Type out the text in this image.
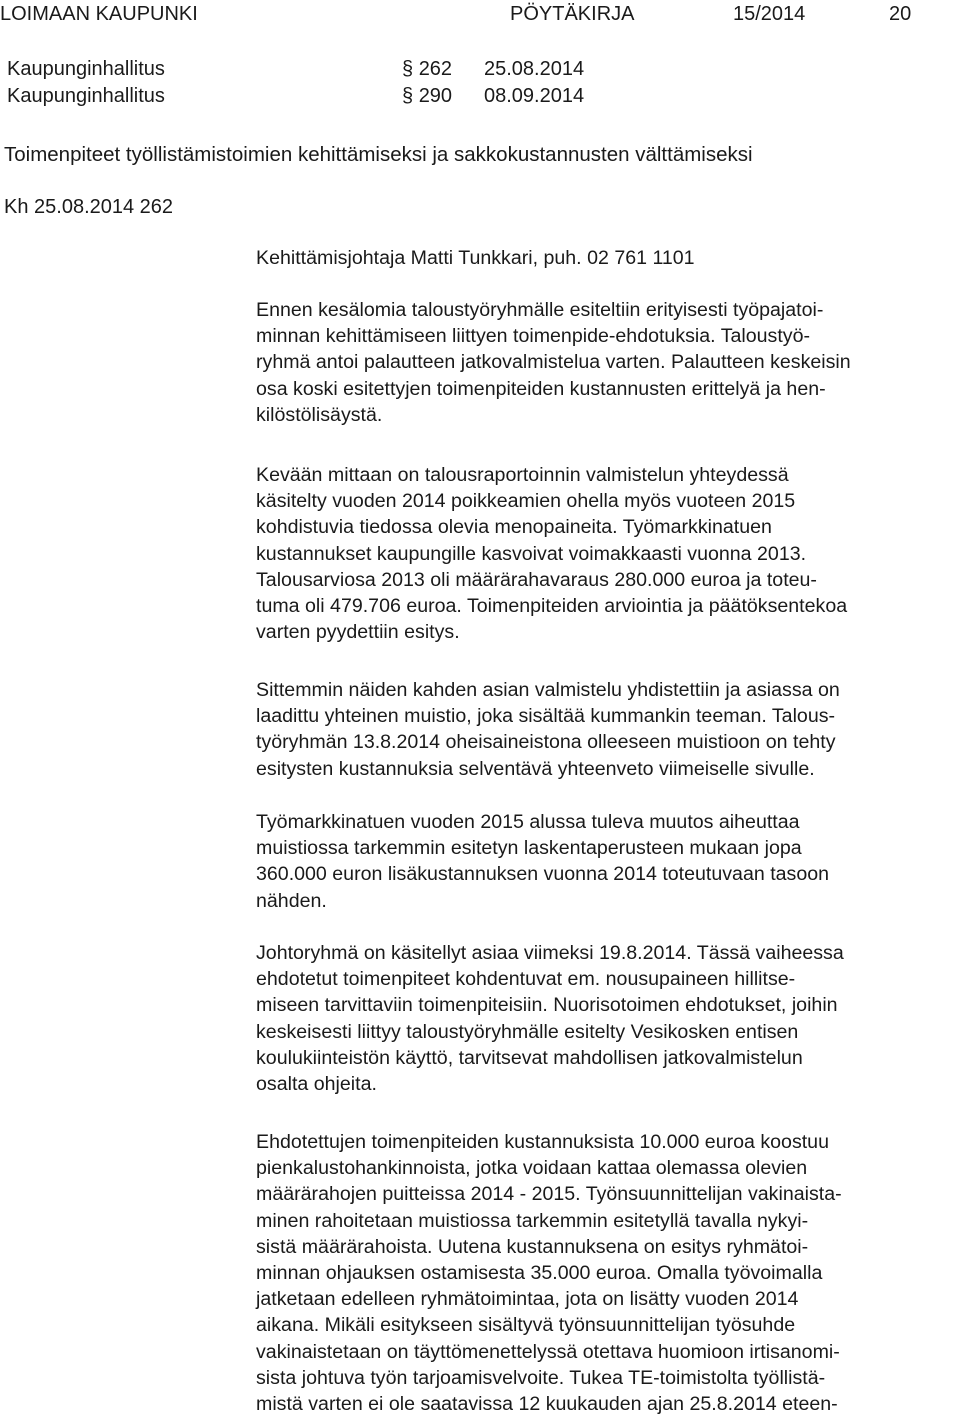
LOIMAAN KAUPUNKI	PÖYTÄKIRJA	15/2014	20
Kaupunginhallitus	§ 262 25.08.2014
Kaupunginhallitus	§ 290 08.09.2014
Toimenpiteet työllistämistoimien kehittämiseksi ja sakkokustannusten välttämiseksi
Kh 25.08.2014 262
Kehittämisjohtaja Matti Tunkkari, puh. 02 761 1101
Ennen kesälomia taloustyöryhmälle esiteltiin erityisesti työpajatoi-
minnan kehittämiseen liittyen toimenpide-ehdotuksia. Taloustyö-
ryhmä antoi palautteen jatkovalmistelua varten. Palautteen keskeisin
osa koski esitettyjen toimenpiteiden kustannusten erittelyä ja hen-
kilöstölisäystä.
Kevään mittaan on talousraportoinnin valmistelun yhteydessä
käsitelty vuoden 2014 poikkeamien ohella myös vuoteen 2015
kohdistuvia tiedossa olevia menopaineita. Työmarkkinatuen
kustannukset kaupungille kasvoivat voimakkaasti vuonna 2013.
Talousarviosa 2013 oli määrärahavaraus 280.000 euroa ja toteu-
tuma oli 479.706 euroa. Toimenpiteiden arviointia ja päätöksentekoa
varten pyydettiin esitys.
Sittemmin näiden kahden asian valmistelu yhdistettiin ja asiassa on
laadittu yhteinen muistio, joka sisältää kummankin teeman. Talous-
työryhmän 13.8.2014 oheisaineistona olleeseen muistioon on tehty
esitysten kustannuksia selventävä yhteenveto viimeiselle sivulle.
Työmarkkinatuen vuoden 2015 alussa tuleva muutos aiheuttaa
muistiossa tarkemmin esitetyn laskentaperusteen mukaan jopa
360.000 euron lisäkustannuksen vuonna 2014 toteutuvaan tasoon
nähden.
Johtoryhmä on käsitellyt asiaa viimeksi 19.8.2014. Tässä vaiheessa
ehdotetut toimenpiteet kohdentuvat em. nousupaineen hillitse-
miseen tarvittaviin toimenpiteisiin. Nuorisotoimen ehdotukset, joihin
keskeisesti liittyy taloustyöryhmälle esitelty Vesikosken entisen
koulukiinteistön käyttö, tarvitsevat mahdollisen jatkovalmistelun
osalta ohjeita.
Ehdotettujen toimenpiteiden kustannuksista 10.000 euroa koostuu
pienkalustohankinnoista, jotka voidaan kattaa olemassa olevien
määrärahojen puitteissa 2014 - 2015. Työnsuunnittelijan vakinaista-
minen rahoitetaan muistiossa tarkemmin esitetyllä tavalla nykyi-
sistä määrärahoista. Uutena kustannuksena on esitys ryhmätoi-
minnan ohjauksen ostamisesta 35.000 euroa. Omalla työvoimalla
jatketaan edelleen ryhmätoimintaa, jota on lisätty vuoden 2014
aikana. Mikäli esitykseen sisältyvä työnsuunnittelijan työsuhde
vakinaistetaan on täyttömenettelyssä otettava huomioon irtisanomi-
sista johtuva työn tarjoamisvelvoite. Tukea TE-toimistolta työllistä-
mistä varten ei ole saatavissa 12 kuukauden ajan 25.8.2014 eteen-
